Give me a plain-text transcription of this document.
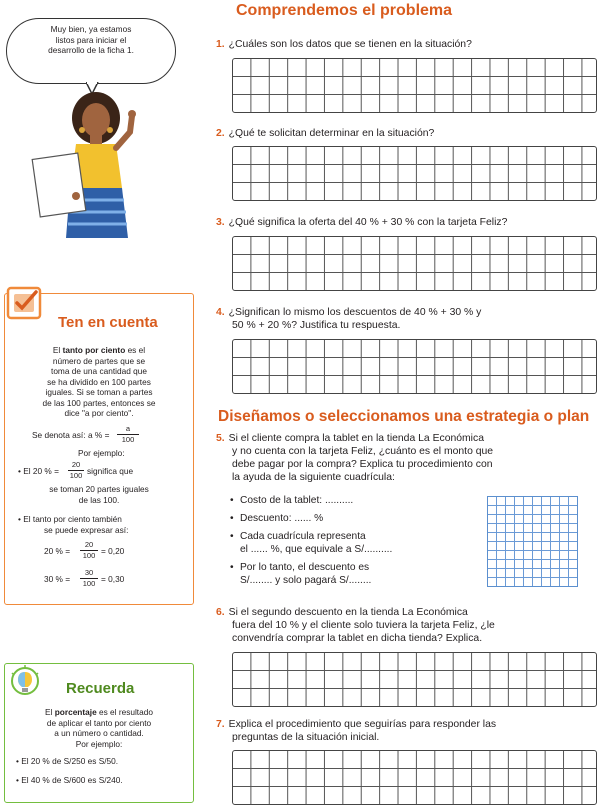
Comprendemos el problema
Muy bien, ya estamos
listos para iniciar el
desarrollo de la ficha 1.
Ten en cuenta
El tanto por ciento es el
número de partes que se
toma de una cantidad que
se ha dividido en 100 partes
iguales. Si se toman a partes
de las 100 partes, entonces se
dice "a por ciento".
Se denota así: a % =
a
100
Por ejemplo:
• El 20 % =
20
100 significa que
se toman 20 partes iguales
de las 100.
• El tanto por ciento también
se puede expresar así:
20 % =
20
100 = 0,20
30 % =
30
100 = 0,30
Recuerda
El porcentaje es el resultado
de aplicar el tanto por ciento
a un número o cantidad.
Por ejemplo:
• El 20 % de S/250 es S/50.
• El 40 % de S/600 es S/240.
1. ¿Cuáles son los datos que se tienen en la situación?
2. ¿Qué te solicitan determinar en la situación?
3. ¿Qué significa la oferta del 40 % + 30 % con la tarjeta Feliz?
4. ¿Significan lo mismo los descuentos de 40 % + 30 % y
50 % + 20 %? Justifica tu respuesta.
Diseñamos o seleccionamos una estrategia o plan
5. Si el cliente compra la tablet en la tienda La Económica
y no cuenta con la tarjeta Feliz, ¿cuánto es el monto que
debe pagar por la compra? Explica tu procedimiento con
la ayuda de la siguiente cuadrícula:
• Costo de la tablet: ..........
• Descuento: ...... %
• Cada cuadrícula representa
el ...... %, que equivale a S/..........
• Por lo tanto, el descuento es
S/........ y solo pagará S/........
6. Si el segundo descuento en la tienda La Económica
fuera del 10 % y el cliente solo tuviera la tarjeta Feliz, ¿le
convendría comprar la tablet en dicha tienda? Explica.
7. Explica el procedimiento que seguirías para responder las
preguntas de la situación inicial.
